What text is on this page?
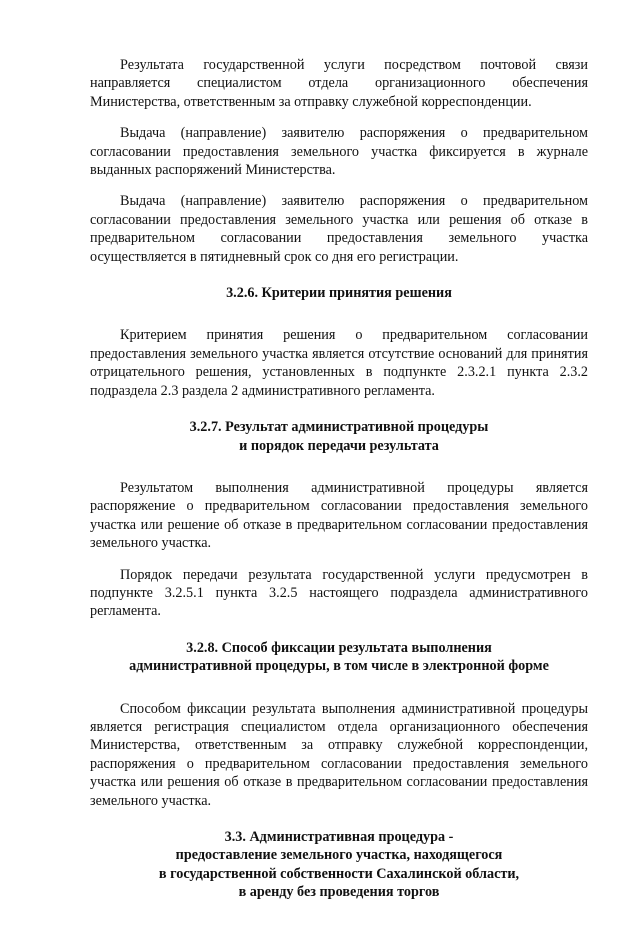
Результата государственной услуги посредством почтовой связи направляется специалистом отдела организационного обеспечения Министерства, ответственным за отправку служебной корреспонденции.

Выдача (направление) заявителю распоряжения о предварительном согласовании предоставления земельного участка фиксируется в журнале выданных распоряжений Министерства.

Выдача (направление) заявителю распоряжения о предварительном согласовании предоставления земельного участка или решения об отказе в предварительном согласовании предоставления земельного участка осуществляется в пятидневный срок со дня его регистрации.

3.2.6. Критерии принятия решения

Критерием принятия решения о предварительном согласовании предоставления земельного участка является отсутствие оснований для принятия отрицательного решения, установленных в подпункте 2.3.2.1 пункта 2.3.2 подраздела 2.3 раздела 2 административного регламента.

3.2.7. Результат административной процедуры
и порядок передачи результата

Результатом выполнения административной процедуры является распоряжение о предварительном согласовании предоставления земельного участка или решение об отказе в предварительном согласовании предоставления земельного участка.

Порядок передачи результата государственной услуги предусмотрен в подпункте 3.2.5.1 пункта 3.2.5 настоящего подраздела административного регламента.

3.2.8. Способ фиксации результата выполнения
административной процедуры, в том числе в электронной форме

Способом фиксации результата выполнения административной процедуры является регистрация специалистом отдела организационного обеспечения Министерства, ответственным за отправку служебной корреспонденции, распоряжения о предварительном согласовании предоставления земельного участка или решения об отказе в предварительном согласовании предоставления земельного участка.

3.3. Административная процедура -
предоставление земельного участка, находящегося
в государственной собственности Сахалинской области,
в аренду без проведения торгов
